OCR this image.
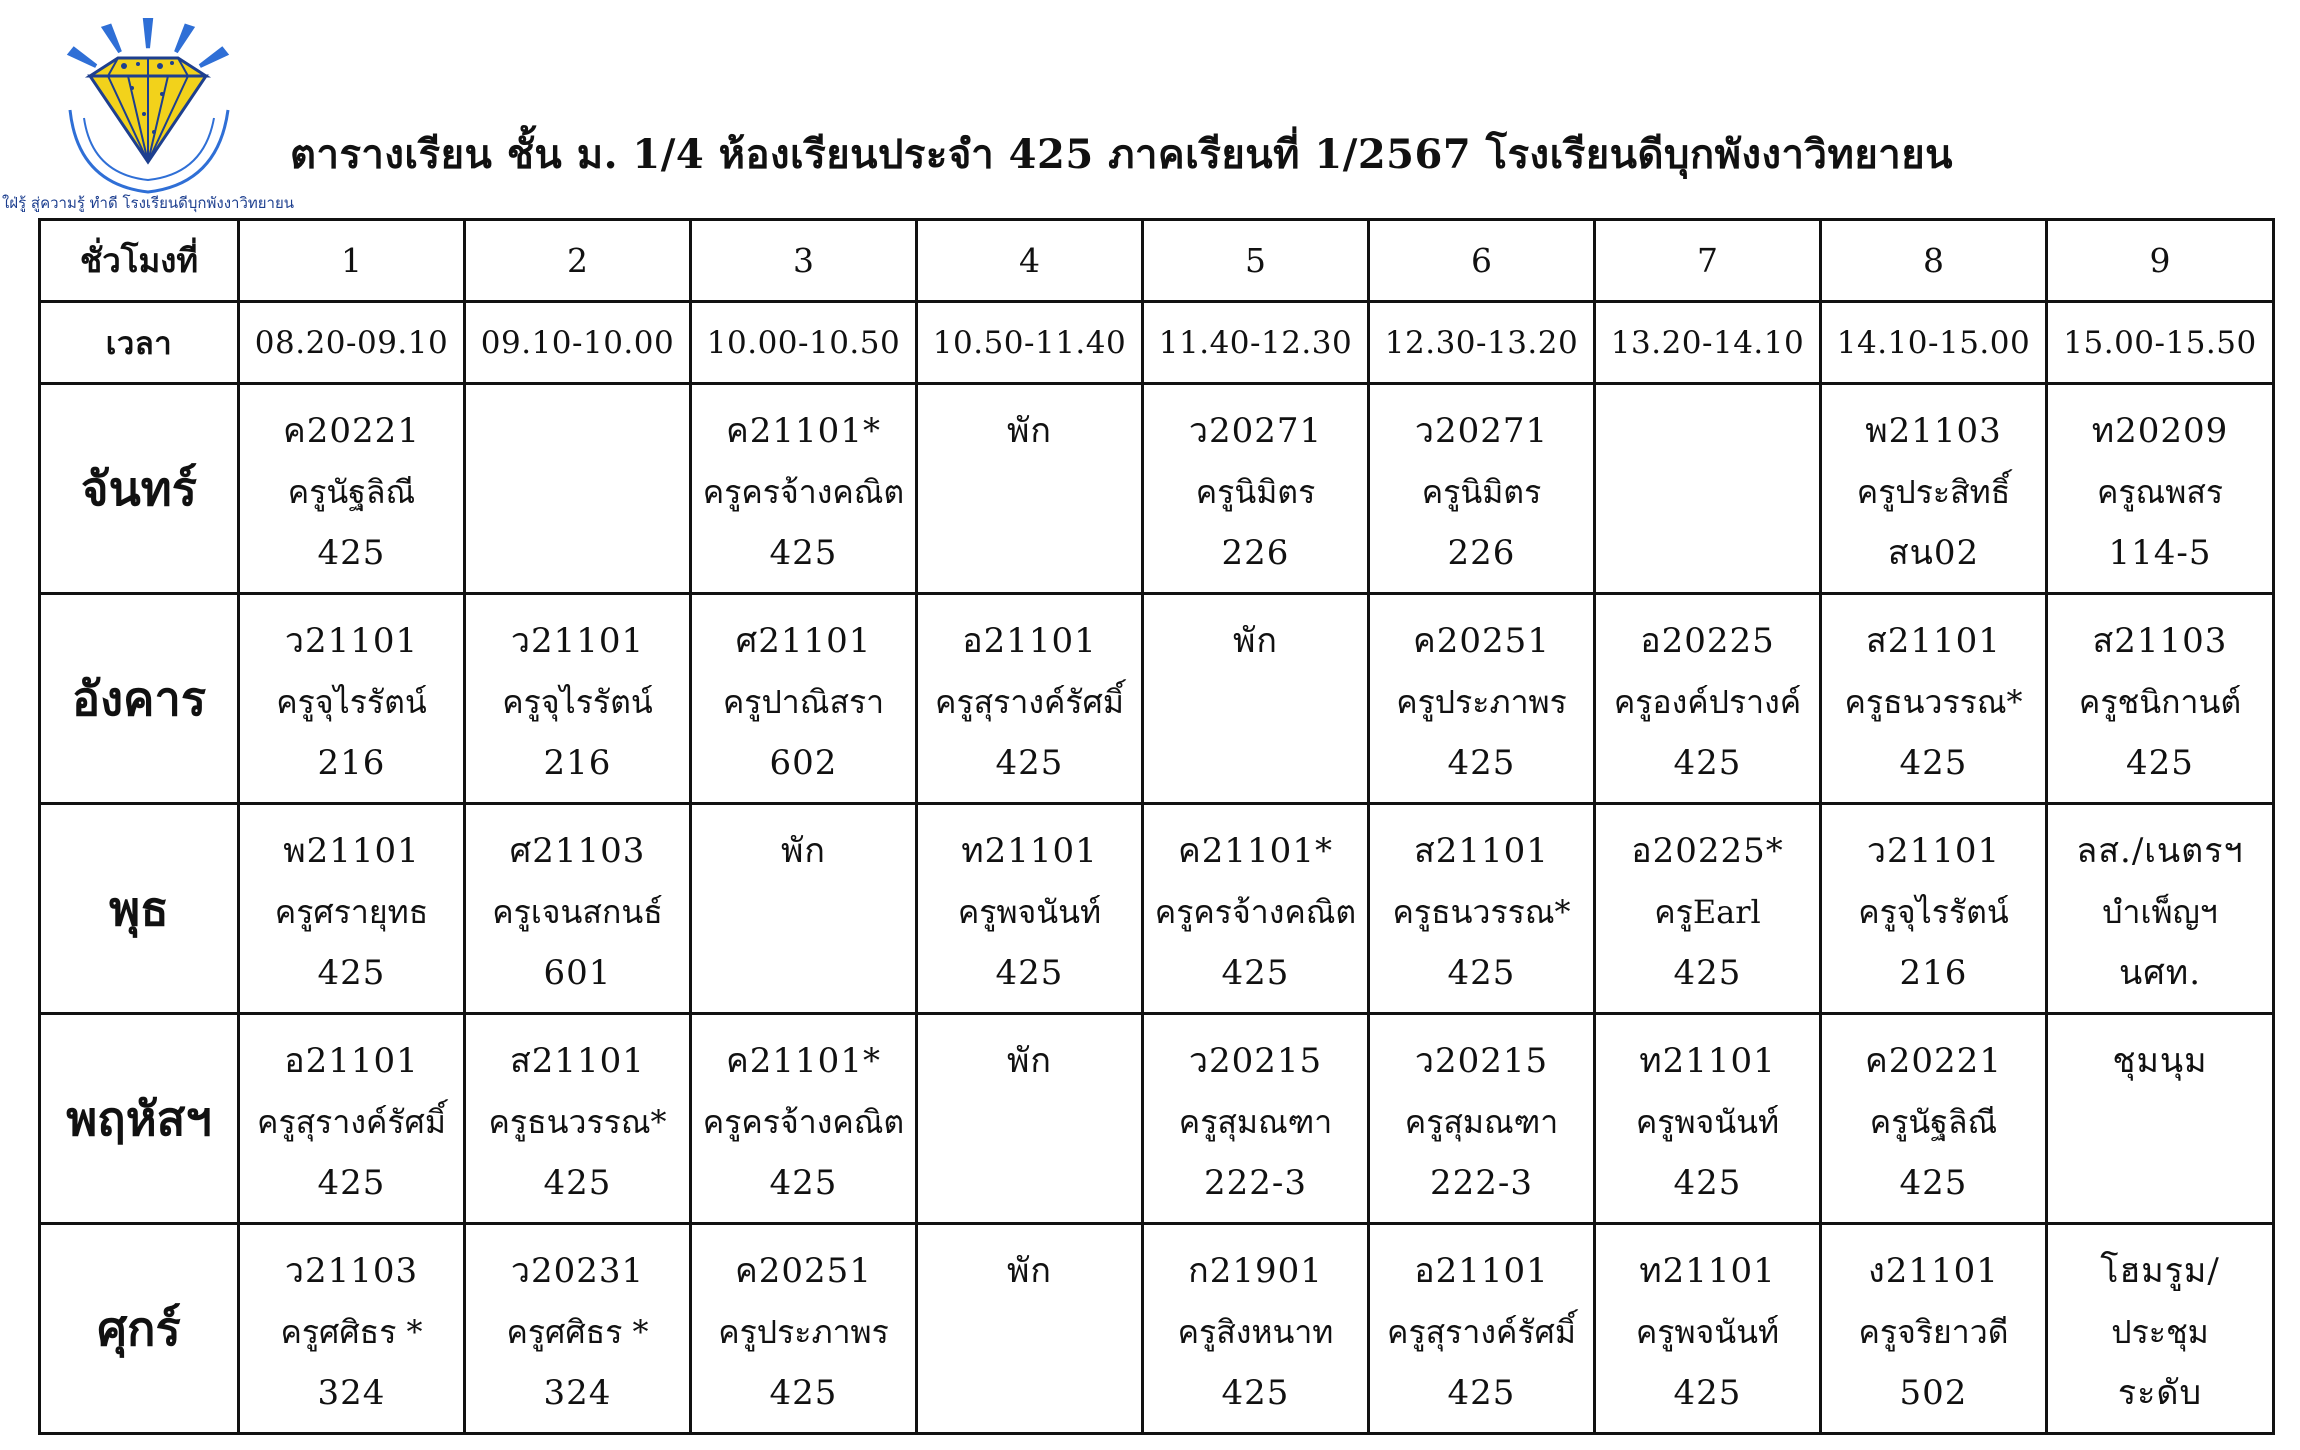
ใฝ่รู้ สู่ความรู้ ทำดี โรงเรียนดีบุกพังงาวิทยายน
ตารางเรียน ชั้น ม. 1/4 ห้องเรียนประจำ 425 ภาคเรียนที่ 1/2567 โรงเรียนดีบุกพังงาวิทยายน
ชั่วโมงที่	1	2	3	4	5	6	7	8	9
เวลา	08.20-09.10	09.10-10.00	10.00-10.50	10.50-11.40	11.40-12.30	12.30-13.20	13.20-14.10	14.10-15.00	15.00-15.50
จันทร์	ค20221
ครูนัฐลิณี
425		ค21101*
ครูครจ้างคณิต
425	พัก	ว20271
ครูนิมิตร
226	ว20271
ครูนิมิตร
226		พ21103
ครูประสิทธิ์
สน02	ท20209
ครูณพสร
114-5

อังคาร	ว21101
ครูจุไรรัตน์
216	ว21101
ครูจุไรรัตน์
216	ศ21101
ครูปาณิสรา
602	อ21101
ครูสุรางค์รัศมิ์
425	พัก	ค20251
ครูประภาพร
425	อ20225
ครูองค์ปรางค์
425	ส21101
ครูธนวรรณ*
425	ส21103
ครูชนิกานต์
425

พุธ	พ21101
ครูศรายุทธ
425	ศ21103
ครูเจนสกนธ์
601	พัก	ท21101
ครูพจนันท์
425	ค21101*
ครูครจ้างคณิต
425	ส21101
ครูธนวรรณ*
425	อ20225*
ครูEarl
425	ว21101
ครูจุไรรัตน์
216	ลส./เนตรฯ
บำเพ็ญฯ
นศท.

พฤหัสฯ	อ21101
ครูสุรางค์รัศมิ์
425	ส21101
ครูธนวรรณ*
425	ค21101*
ครูครจ้างคณิต
425	พัก	ว20215
ครูสุมณฑา
222-3	ว20215
ครูสุมณฑา
222-3	ท21101
ครูพจนันท์
425	ค20221
ครูนัฐลิณี
425	ชุมนุม

ศุกร์	ว21103
ครูศศิธร *
324	ว20231
ครูศศิธร *
324	ค20251
ครูประภาพร
425	พัก	ก21901
ครูสิงหนาท
425	อ21101
ครูสุรางค์รัศมิ์
425	ท21101
ครูพจนันท์
425	ง21101
ครูจริยาวดี
502	โฮมรูม/
ประชุม
ระดับ
